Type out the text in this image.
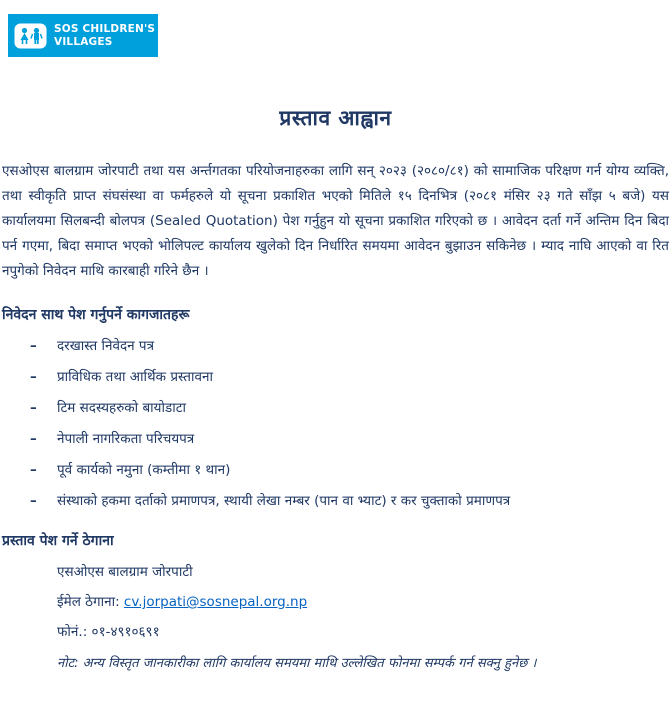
SOS CHILDREN'S
VILLAGES
प्रस्ताव आह्वान

एसओएस बालग्राम जोरपाटी तथा यस अर्न्तगतका परियोजनाहरुका लागि सन् २०२३ (२०८०/८१) को सामाजिक परिक्षण गर्न योग्य व्यक्ति, तथा स्वीकृति प्राप्त संघसंस्था वा फर्महरुले यो सूचना प्रकाशित भएको मितिले १५ दिनभित्र (२०८१ मंसिर २३ गते साँझ ५ बजे) यस कार्यालयमा सिलबन्दी बोलपत्र (Sealed Quotation) पेश गर्नुहुन यो सूचना प्रकाशित गरिएको छ । आवेदन दर्ता गर्ने अन्तिम दिन बिदा पर्न गएमा, बिदा समाप्त भएको भोलिपल्ट कार्यालय खुलेको दिन निर्धारित समयमा आवेदन बुझाउन सकिनेछ । म्याद नाघि आएको वा रित नपुगेको निवेदन माथि कारबाही गरिने छैन ।

निवेदन साथ पेश गर्नुपर्ने कागजातहरू
–	दरखास्त निवेदन पत्र
–	प्राविधिक तथा आर्थिक प्रस्तावना
–	टिम सदस्यहरुको बायोडाटा
–	नेपाली नागरिकता परिचयपत्र
–	पूर्व कार्यको नमुना (कम्तीमा १ थान)
–	संस्थाको हकमा दर्ताको प्रमाणपत्र, स्थायी लेखा नम्बर (पान वा भ्याट) र कर चुक्ताको प्रमाणपत्र
प्रस्ताव पेश गर्ने ठेगाना
एसओएस बालग्राम जोरपाटी
ईमेल ठेगाना: cv.jorpati@sosnepal.org.np
फोनं.: ०१-४९१०६९१
नोट: अन्य विस्तृत जानकारीका लागि कार्यालय समयमा माथि उल्लेखित फोनमा सम्पर्क गर्न सक्नु हुनेछ ।
